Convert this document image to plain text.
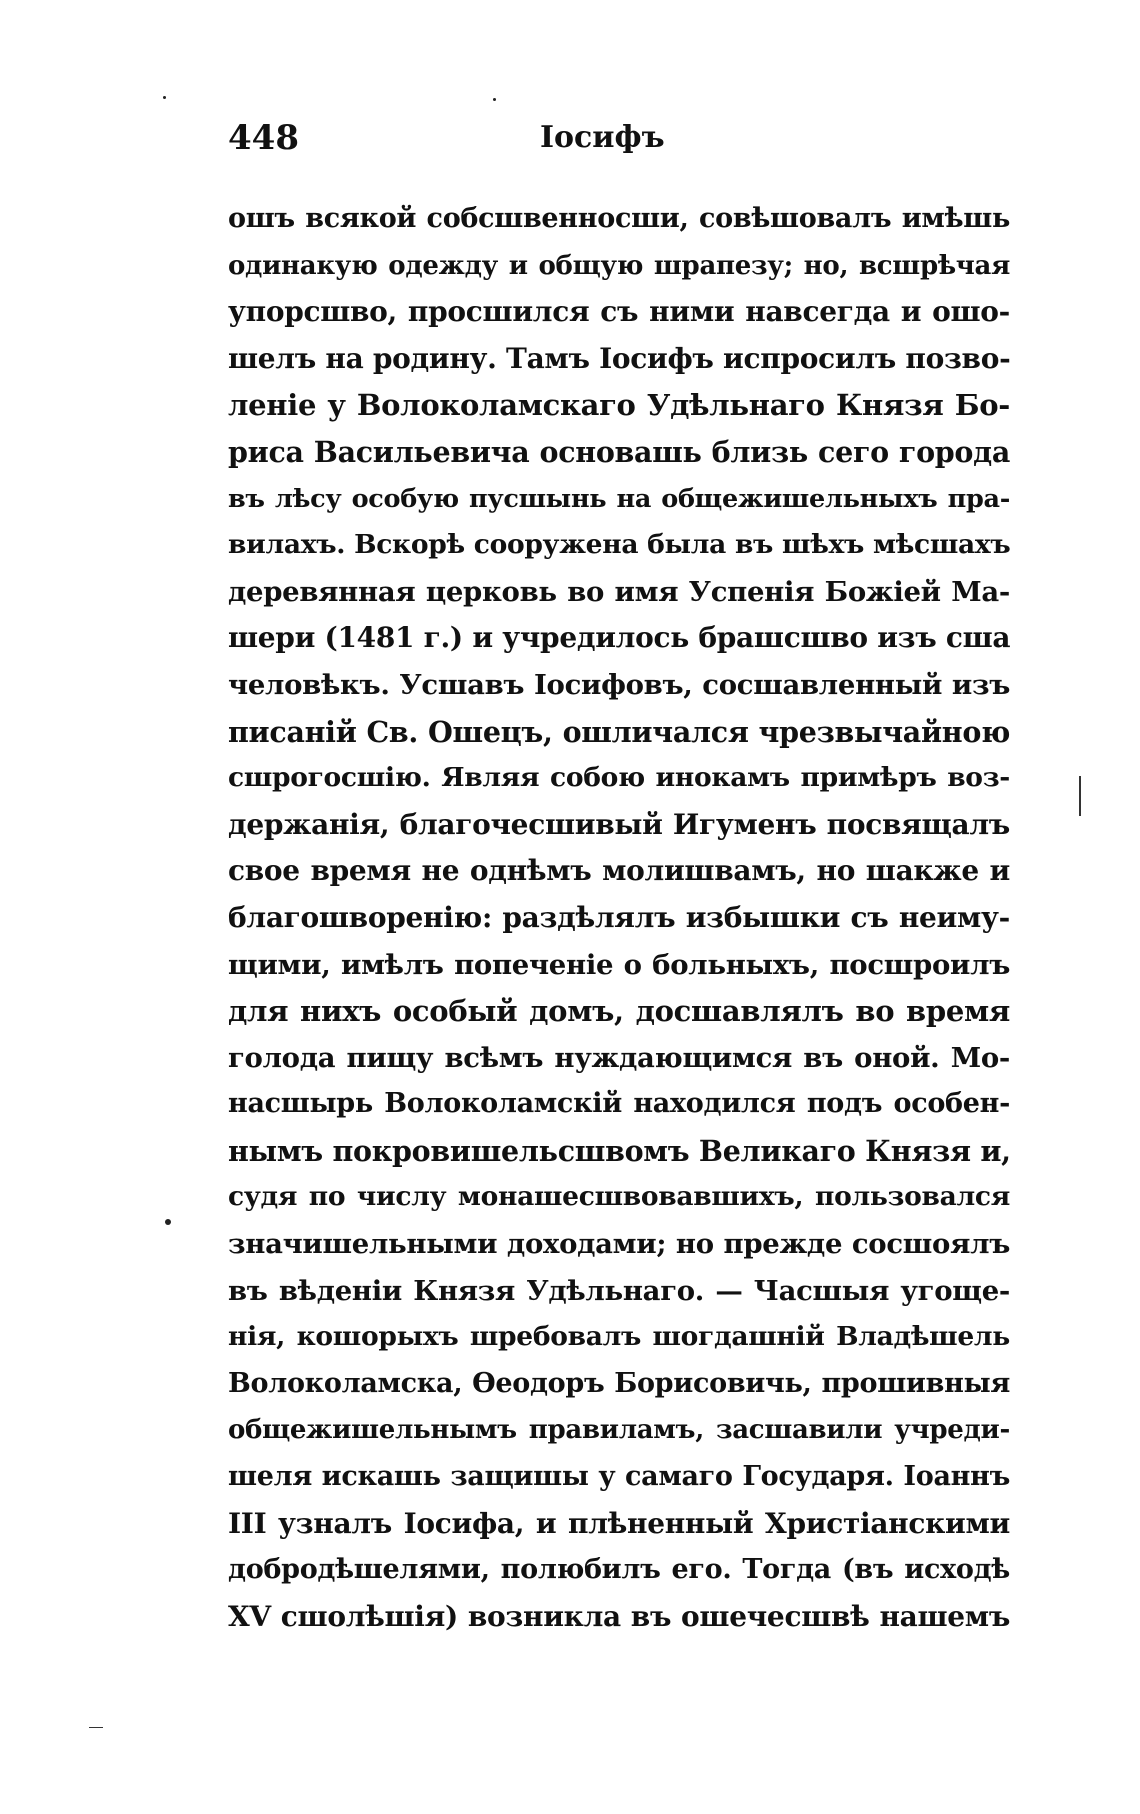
448	Іосифъ
ошъ всякой собсшвенносши, совѣшовалъ имѣшь
одинакую одежду и общую шрапезу; но, всшрѣчая
упорсшво, просшился съ ними навсегда и ошо-
шелъ на родину. Тамъ Іосифъ испросилъ позво-
леніе у Волоколамскаго Удѣльнаго Князя Бо-
риса Васильевича основашь близь сего города
въ лѣсу особую пусшынь на общежишельныхъ пра-
вилахъ. Вскорѣ сооружена была въ шѣхъ мѣсшахъ
деревянная церковь во имя Успенія Божіей Ма-
шери (1481 г.) и учредилось брашсшво изъ сша
человѣкъ. Усшавъ Іосифовъ, сосшавленный изъ
писаній Св. Ошецъ, ошличался чрезвычайною
сшрогосшію. Являя собою инокамъ примѣръ воз-
держанія, благочесшивый Игуменъ посвящалъ
свое время не однѣмъ молишвамъ, но шакже и
благошворенію: раздѣлялъ избышки съ неиму-
щими, имѣлъ попеченіе о больныхъ, посшроилъ
для нихъ особый домъ, досшавлялъ во время
голода пищу всѣмъ нуждающимся въ оной. Мо-
насшырь Волоколамскій находился подъ особен-
нымъ покровишельсшвомъ Великаго Князя и,
судя по числу монашесшвовавшихъ, пользовался
значишельными доходами; но прежде сосшоялъ
въ вѣденіи Князя Удѣльнаго. — Часшыя угоще-
нія, кошорыхъ шребовалъ шогдашній Владѣшель
Волоколамска, Ѳеодоръ Борисовичь, прошивныя
общежишельнымъ правиламъ, засшавили учреди-
шеля искашь защишы у самаго Государя. Іоаннъ
III узналъ Іосифа, и плѣненный Христіанскими
добродѣшелями, полюбилъ его. Тогда (въ исходѣ
XV сшолѣшія) возникла въ ошечесшвѣ нашемъ
